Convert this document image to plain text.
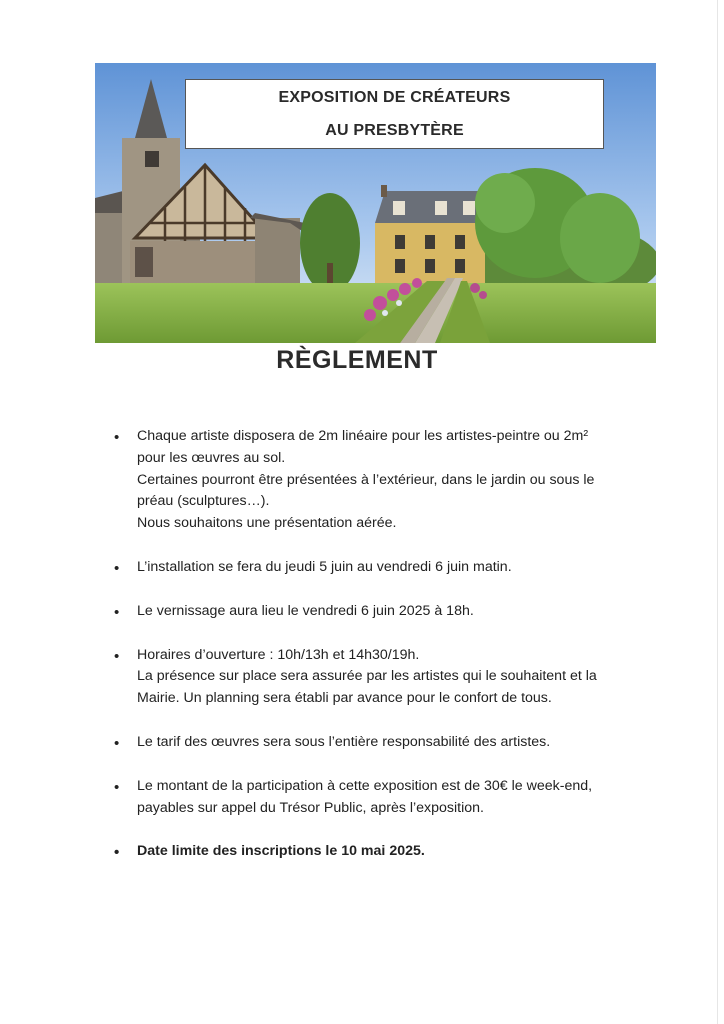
EXPOSITION DE CRÉATEURS
AU PRESBYTÈRE
RÈGLEMENT
• Chaque artiste disposera de 2m linéaire pour les artistes-peintre ou 2m²
pour les œuvres au sol.
Certaines pourront être présentées à l’extérieur, dans le jardin ou sous le
préau (sculptures…).
Nous souhaitons une présentation aérée.
• L’installation se fera du jeudi 5 juin au vendredi 6 juin matin.
• Le vernissage aura lieu le vendredi 6 juin 2025 à 18h.
• Horaires d’ouverture : 10h/13h et 14h30/19h.
La présence sur place sera assurée par les artistes qui le souhaitent et la
Mairie. Un planning sera établi par avance pour le confort de tous.
• Le tarif des œuvres sera sous l’entière responsabilité des artistes.
• Le montant de la participation à cette exposition est de 30€ le week-end,
payables sur appel du Trésor Public, après l’exposition.
• Date limite des inscriptions le 10 mai 2025.
